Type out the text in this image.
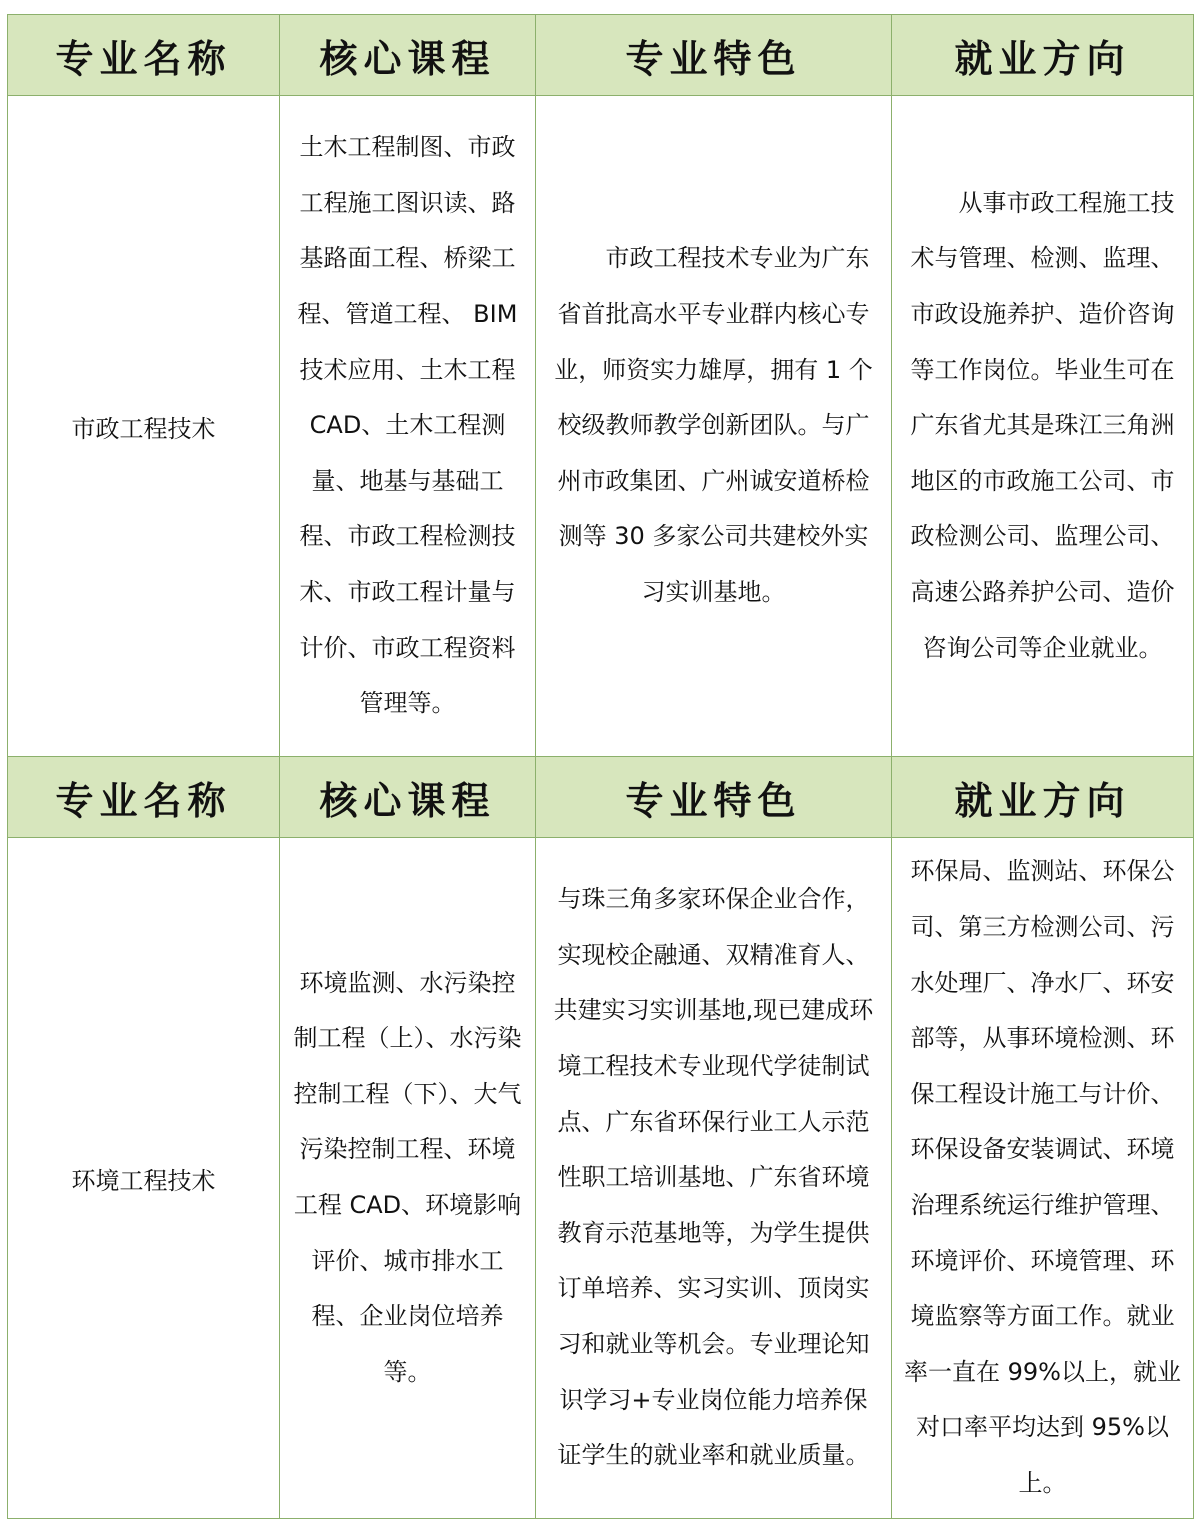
专业名称	核心课程	专业特色	就业方向
市政工程技术	土木工程制图、市政工程施工图识读、路基路面工程、桥梁工程、管道工程、 BIM 技术应用、土木工程 CAD、土木工程测量、地基与基础工程、市政工程检测技术、市政工程计量与计价、市政工程资料管理等。	市政工程技术专业为广东省首批高水平专业群内核心专业，师资实力雄厚，拥有 1 个校级教师教学创新团队。与广州市政集团、广州诚安道桥检测等 30 多家公司共建校外实习实训基地。	从事市政工程施工技术与管理、检测、监理、市政设施养护、造价咨询等工作岗位。毕业生可在广东省尤其是珠江三角洲地区的市政施工公司、市政检测公司、监理公司、高速公路养护公司、造价咨询公司等企业就业。

专业名称	核心课程	专业特色	就业方向
环境工程技术	环境监测、水污染控制工程（上）、水污染控制工程（下）、大气污染控制工程、环境工程 CAD、环境影响评价、城市排水工程、企业岗位培养等。	与珠三角多家环保企业合作，实现校企融通、双精准育人、共建实习实训基地,现已建成环境工程技术专业现代学徒制试点、广东省环保行业工人示范性职工培训基地、广东省环境教育示范基地等，为学生提供订单培养、实习实训、顶岗实习和就业等机会。专业理论知识学习+专业岗位能力培养保证学生的就业率和就业质量。	环保局、监测站、环保公司、第三方检测公司、污水处理厂、净水厂、环安部等，从事环境检测、环保工程设计施工与计价、环保设备安装调试、环境治理系统运行维护管理、环境评价、环境管理、环境监察等方面工作。就业率一直在 99%以上，就业对口率平均达到 95%以上。
